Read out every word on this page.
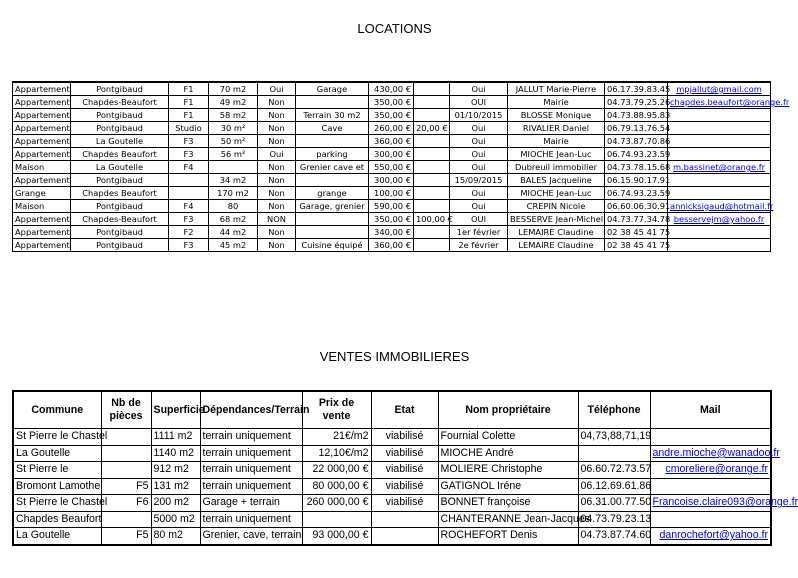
LOCATIONS
Appartement	Pontgibaud	F1	70 m2	Oui	Garage	430,00 €		Oui	JALLUT Marie-Pierre	06.17.39.83.45	mpjallut@gmail.com
Appartement	Chapdes-Beaufort	F1	49 m2	Non		350,00 €		OUI	Mairie	04.73.79.25.26	chapdes.beaufort@orange.fr
Appartement	Pontgibaud	F1	58 m2	Non	Terrain 30 m2	350,00 €		01/10/2015	BLOSSE Monique	04.73.88.95.83	
Appartement	Pontgibaud	Studio	30 m²	Non	Cave	260,00 €	20,00 €	Oui	RIVALIER Daniel	06.79.13.76.54	
Appartement	La Goutelle	F3	50 m²	Non		360,00 €		Oui	Mairie	04.73.87.70.86	
Appartement	Chapdes Beaufort	F3	56 m²	Oui	parking	300,00 €		Oui	MIOCHE Jean-Luc	06.74.93.23.59	
Maison	La Goutelle	F4		Non	Grenier cave et	550,00 €		Oui	Dubreuil immobilier	04.73.78.15.68	m.bassinet@orange.fr
Appartement	Pontgibaud		34 m2	Non		300,00 €		15/09/2015	BALES Jacqueline	06.15.90.17.91	
Grange	Chapdes Beaufort		170 m2	Non	grange	100,00 €		Oui	MIOCHE Jean-Luc	06.74.93.23.59	
Maison	Pontgibaud	F4	80	Non	Garage, grenier	590,00 €		Oui	CREPIN Nicole	06.60.06.30.91	annicksigaud@hotmail.fr
Appartement	Chapdes-Beaufort	F3	68 m2	NON		350,00 €	100,00 €	OUI	BESSERVE Jean-Michel	04.73.77.34.78	besservejm@yahoo.fr
Appartement	Pontgibaud	F2	44 m2	Non		340,00 €		1er février	LEMAIRE Claudine	02 38 45 41 75	
Appartement	Pontgibaud	F3	45 m2	Non	Cuisine équipé	360,00 €		2e février	LEMAIRE Claudine	02 38 45 41 75	
VENTES IMMOBILIERES
Commune	Nb de pièces	Superficie	Dépendances/Terrain	Prix de vente	Etat	Nom propriétaire	Téléphone	Mail
St Pierre le Chastel		1111 m2	terrain uniquement	21€/m2	viabilisé	Fournial Colette	04,73,88,71,19	
La Goutelle		1140 m2	terrain uniquement	12,10€/m2	viabilisé	MIOCHE André		andre.mioche@wanadoo.fr
St Pierre le		912 m2	terrain uniquement	22 000,00 €	viabilisé	MOLIERE Christophe	06.60.72.73.57	cmoreliere@orange.fr
Bromont Lamothe	F5	131 m2	terrain uniquement	80 000,00 €	viabilisé	GATIGNOL Iréne	06.12.69.61.86	
St Pierre le Chastel	F6	200 m2	Garage + terrain	260 000,00 €	viabilisé	BONNET françoise	06.31.00.77.50	Francoise.claire093@orange.fr
Chapdes Beaufort		5000 m2	terrain uniquement			CHANTERANNE Jean-Jacques	04.73.79.23.13	
La Goutelle	F5	80 m2	Grenier, cave, terrain	93 000,00 €		ROCHEFORT Denis	04.73.87.74.60	danrochefort@yahoo.fr
